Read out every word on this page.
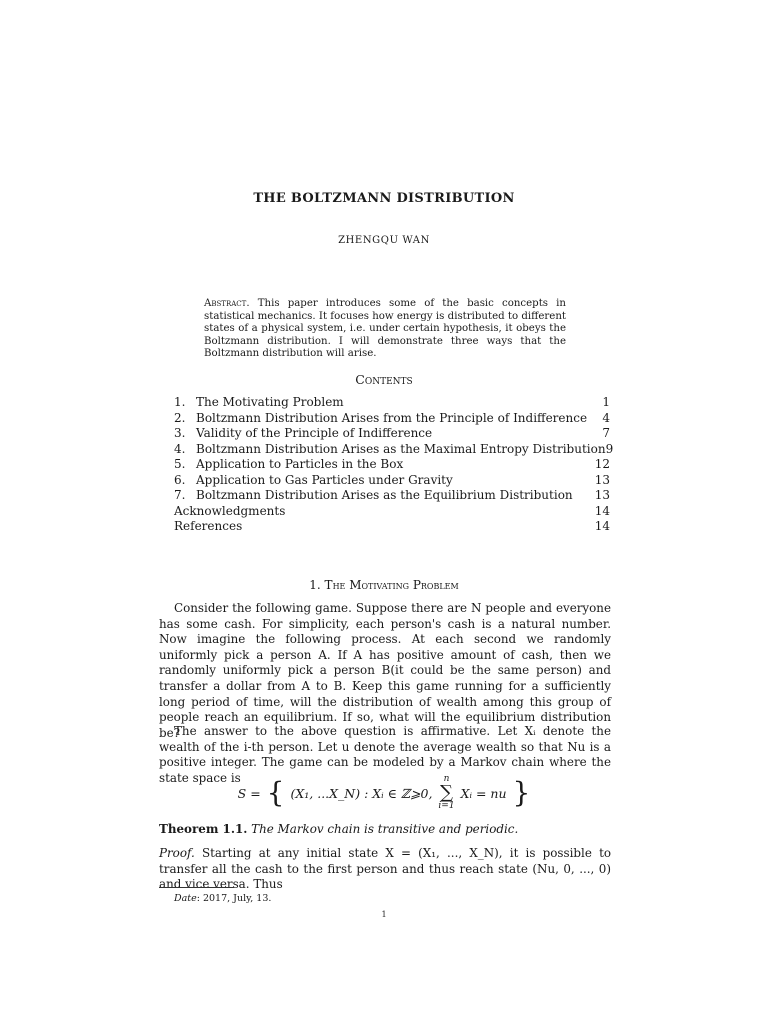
THE BOLTZMANN DISTRIBUTION
ZHENGQU WAN
Abstract. This paper introduces some of the basic concepts in statistical mechanics. It focuses how energy is distributed to different states of a physical system, i.e. under certain hypothesis, it obeys the Boltzmann distribution. I will demonstrate three ways that the Boltzmann distribution will arise.
Contents
1. The Motivating Problem	1
2. Boltzmann Distribution Arises from the Principle of Indifference 4
3. Validity of the Principle of Indifference	7
4. Boltzmann Distribution Arises as the Maximal Entropy Distribution 9
5. Application to Particles in the Box	12
6. Application to Gas Particles under Gravity	13
7. Boltzmann Distribution Arises as the Equilibrium Distribution 13
Acknowledgments	14
References	14
1. The Motivating Problem
Consider the following game. Suppose there are N people and everyone has some cash. For simplicity, each person's cash is a natural number. Now imagine the following process. At each second we randomly uniformly pick a person A. If A has positive amount of cash, then we randomly uniformly pick a person B(it could be the same person) and transfer a dollar from A to B. Keep this game running for a sufficiently long period of time, will the distribution of wealth among this group of people reach an equilibrium. If so, what will the equilibrium distribution be?
The answer to the above question is affirmative. Let Xᵢ denote the wealth of the i-th person. Let u denote the average wealth so that Nu is a positive integer. The game can be modeled by a Markov chain where the state space is
S = { (X₁, ...X_N) : Xᵢ ∈ ℤ⩾0,
n
∑
i=1
Xᵢ = nu }
Theorem 1.1. The Markov chain is transitive and periodic.
Proof. Starting at any initial state X = (X₁, ..., X_N), it is possible to transfer all the cash to the first person and thus reach state (Nu, 0, ..., 0) and vice versa. Thus
Date: 2017, July, 13.
1
